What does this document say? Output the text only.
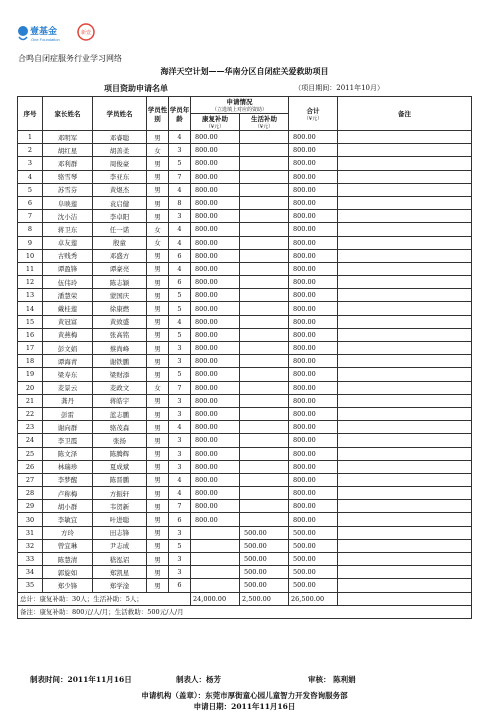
壹基金
One Foundation
新壹
合鸣自闭症服务行业学习网络
海洋天空计划——华南分区自闭症关爱救助项目
项目资助申请名单	（项目期间：2011年10月）
序号	家长姓名	学员姓名	学员性别	学员年龄	申请情况
（立选填上对应的资助）		合计
（¥元）	备注
					康复补助
（¥元）	生活补助
（¥元）		

1	邓明军	邓睿聪	男	4	800.00		800.00	
2	胡红星	胡善柔	女	3	800.00		800.00	
3	邓利群	周俊豪	男	5	800.00		800.00	
4	骆雪琴	李亚东	男	7	800.00		800.00	
5	苏雪芬	黄煜杰	男	4	800.00		800.00	
6	阜映莲	袁启健	男	8	800.00		800.00	
7	沈小洁	李卓阳	男	3	800.00		800.00	
8	蒋卫东	任一诺	女	4	800.00		800.00	
9	卓友莲	殷童	女	4	800.00		800.00	
10	古贱秀	邓盛方	男	6	800.00		800.00	
11	谭盈锋	谭豪亮	男	4	800.00		800.00	
12	伍伟玲	陈志颖	男	6	800.00		800.00	
13	潘慧荣	蒙国庆	男	5	800.00		800.00	
14	戴桂莲	徐康燃	男	5	800.00		800.00	
15	黄冠富	黄致盛	男	4	800.00		800.00	
16	黄燕梅	张高铭	男	5	800.00		800.00	
17	彭文娟	蔡尚峰	男	3	800.00		800.00	
18	谭海青	谢铁鹏	男	3	800.00		800.00	
19	梁寿东	梁财添	男	5	800.00		800.00	
20	麦景云	麦政文	女	7	800.00		800.00	
21	龚丹	蒋皓宇	男	3	800.00		800.00	
22	彭雷	蓝志鹏	男	3	800.00		800.00	
23	谢向群	骆茂森	男	4	800.00		800.00	
24	李卫霞	张扬	男	3	800.00		800.00	
25	陈文泽	陈腾辉	男	3	800.00		800.00	
26	林瑞珍	夏成斌	男	3	800.00		800.00	
27	李梦醒	陈晋鹏	男	4	800.00		800.00	
28	卢称梅	方振轩	男	4	800.00		800.00	
29	胡小群	韦贺新	男	7	800.00		800.00	
30	李敏宜	叶进聪	男	6	800.00		800.00	
31	方玲	田志锋	男	3		500.00	500.00	
32	曾宜琳	尹志成	男	5		500.00	500.00	
33	陈慧清	嵇泓诏	男	3		500.00	500.00	
34	郭旋如	郑凯星	男	3		500.00	500.00	
35	郑少锋	郑学淦	男	6		500.00	500.00	
总计：康复补助：30人；生活补助：5人；					24,000.00	2,500.00	26,500.00	
备注：康复补助：800元/人/月；生活救助：500元/人/月								
制表时间：2011年11月16日	制表人：杨芳	审核： 陈利娟
申请机构（盖章）：东莞市厚街童心园儿童智力开发咨询服务部
申请日期：2011年11月16日
